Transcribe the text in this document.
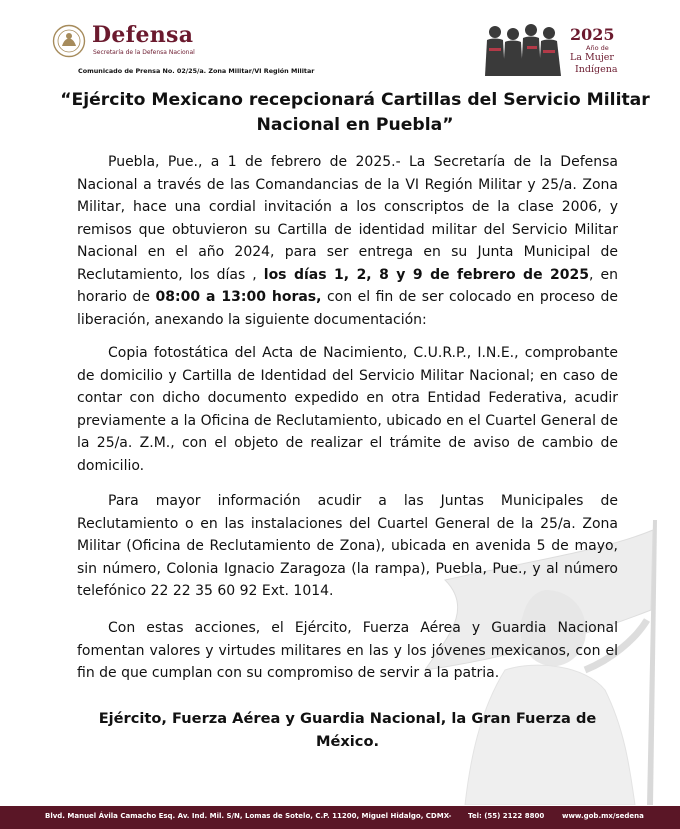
Defensa
Secretaría de la Defensa Nacional
Comunicado de Prensa No. 02/25/a. Zona Militar/VI Región Militar
2025
Año de
La Mujer
Indígena
“Ejército Mexicano recepcionará Cartillas del Servicio Militar Nacional en Puebla”
Puebla, Pue., a 1 de febrero de 2025.- La Secretaría de la Defensa Nacional a través de las Comandancias de la VI Región Militar y 25/a. Zona Militar, hace una cordial invitación a los conscriptos de la clase 2006, y remisos que obtuvieron su Cartilla de identidad militar del Servicio Militar Nacional en el año 2024, para ser entrega en su Junta Municipal de Reclutamiento, los días , los días 1, 2, 8 y 9 de febrero de 2025, en horario de 08:00 a 13:00 horas, con el fin de ser colocado en proceso de liberación, anexando la siguiente documentación:
Copia fotostática del Acta de Nacimiento, C.U.R.P., I.N.E., comprobante de domicilio y Cartilla de Identidad del Servicio Militar Nacional; en caso de contar con dicho documento expedido en otra Entidad Federativa, acudir previamente a la Oficina de Reclutamiento, ubicado en el Cuartel General de la 25/a. Z.M., con el objeto de realizar el trámite de aviso de cambio de domicilio.
Para mayor información acudir a las Juntas Municipales de Reclutamiento o en las instalaciones del Cuartel General de la 25/a. Zona Militar (Oficina de Reclutamiento de Zona), ubicada en avenida 5 de mayo, sin número, Colonia Ignacio Zaragoza (la rampa), Puebla, Pue., y al número telefónico 22 22 35 60 92 Ext. 1014.
Con estas acciones, el Ejército, Fuerza Aérea y Guardia Nacional fomentan valores y virtudes militares en las y los jóvenes mexicanos, con el fin de que cumplan con su compromiso de servir a la patria.
Ejército, Fuerza Aérea y Guardia Nacional, la Gran Fuerza de México.
Blvd. Manuel Ávila Camacho Esq. Av. Ind. Mil. S/N, Lomas de Sotelo, C.P. 11200, Miguel Hidalgo, CDMX- Tel: (55) 2122 8800	www.gob.mx/sedena
